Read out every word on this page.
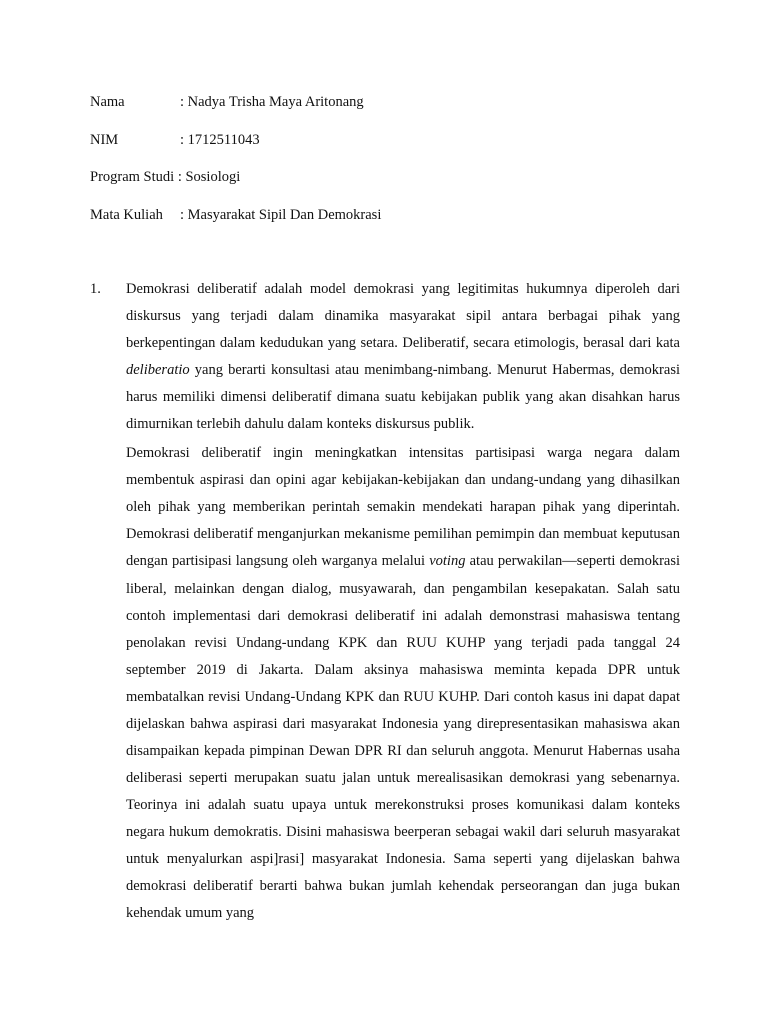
Nama	: Nadya Trisha Maya Aritonang
NIM	: 1712511043
Program Studi : Sosiologi
Mata Kuliah : Masyarakat Sipil Dan Demokrasi
1. Demokrasi deliberatif adalah model demokrasi yang legitimitas hukumnya diperoleh dari diskursus yang terjadi dalam dinamika masyarakat sipil antara berbagai pihak yang berkepentingan dalam kedudukan yang setara. Deliberatif, secara etimologis, berasal dari kata deliberatio yang berarti konsultasi atau menimbang-nimbang. Menurut Habermas, demokrasi harus memiliki dimensi deliberatif dimana suatu kebijakan publik yang akan disahkan harus dimurnikan terlebih dahulu dalam konteks diskursus publik.

Demokrasi deliberatif ingin meningkatkan intensitas partisipasi warga negara dalam membentuk aspirasi dan opini agar kebijakan-kebijakan dan undang-undang yang dihasilkan oleh pihak yang memberikan perintah semakin mendekati harapan pihak yang diperintah. Demokrasi deliberatif menganjurkan mekanisme pemilihan pemimpin dan membuat keputusan dengan partisipasi langsung oleh warganya melalui voting atau perwakilan—seperti demokrasi liberal, melainkan dengan dialog, musyawarah, dan pengambilan kesepakatan. Salah satu contoh implementasi dari demokrasi deliberatif ini adalah demonstrasi mahasiswa tentang penolakan revisi Undang-undang KPK dan RUU KUHP yang terjadi pada tanggal 24 september 2019 di Jakarta. Dalam aksinya mahasiswa meminta kepada DPR untuk membatalkan revisi Undang-Undang KPK dan RUU KUHP. Dari contoh kasus ini dapat dapat dijelaskan bahwa aspirasi dari masyarakat Indonesia yang direpresentasikan mahasiswa akan disampaikan kepada pimpinan Dewan DPR RI dan seluruh anggota. Menurut Habernas usaha deliberasi seperti merupakan suatu jalan untuk merealisasikan demokrasi yang sebenarnya. Teorinya ini adalah suatu upaya untuk merekonstruksi proses komunikasi dalam konteks negara hukum demokratis. Disini mahasiswa beerperan sebagai wakil dari seluruh masyarakat untuk menyalurkan aspi]rasi] masyarakat Indonesia. Sama seperti yang dijelaskan bahwa demokrasi deliberatif berarti bahwa bukan jumlah kehendak perseorangan dan juga bukan kehendak umum yang
